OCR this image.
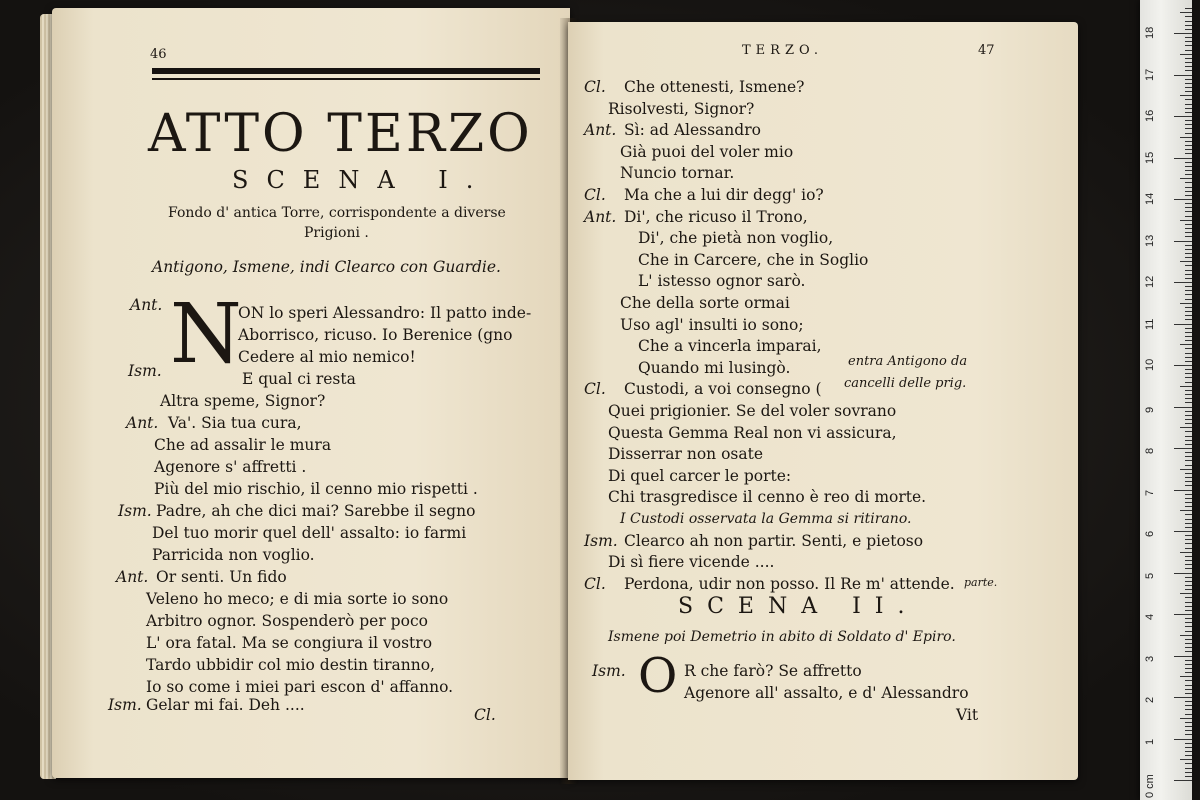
46
ATTO TERZO
SCENA I.
Fondo d' antica Torre, corrispondente a diverse
Prigioni .
Antigono, Ismene, indi Clearco con Guardie.
Ant. N
ON lo speri Alessandro: Il patto inde-
Aborrisco, ricuso. Io Berenice (gno
Cedere al mio nemico!
Ism.	E qual ci resta
Altra speme, Signor?
Ant. Va'. Sia tua cura,
Che ad assalir le mura
Agenore s' affretti .
Più del mio rischio, il cenno mio rispetti .
Ism. Padre, ah che dici mai? Sarebbe il segno
Del tuo morir quel dell' assalto: io farmi
Parricida non voglio.
Ant. Or senti. Un fido
Veleno ho meco; e di mia sorte io sono
Arbitro ognor. Sospenderò per poco
L' ora fatal. Ma se congiura il vostro
Tardo ubbidir col mio destin tiranno,
Io so come i miei pari escon d' affanno.
Ism. Gelar mi fai. Deh ....
Cl.
TERZO.	47
Cl. Che ottenesti, Ismene?
Risolvesti, Signor?
Ant. Sì: ad Alessandro
Già puoi del voler mio
Nuncio tornar.
Cl. Ma che a lui dir degg' io?
Ant. Di', che ricuso il Trono,
Di', che pietà non voglio,
Che in Carcere, che in Soglio
L' istesso ognor sarò.
Che della sorte ormai
Uso agl' insulti io sono;
Che a vincerla imparai,
Quando mi lusingò.
Cl. Custodi, a voi consegno (
Quei prigionier. Se del voler sovrano
Questa Gemma Real non vi assicura,
Disserrar non osate
Di quel carcer le porte:
Chi trasgredisce il cenno è reo di morte.
I Custodi osservata la Gemma si ritirano.
Ism. Clearco ah non partir. Senti, e pietoso
Di sì fiere vicende ....
Cl. Perdona, udir non posso. Il Re m' attende.
entra Antigono da
cancelli delle prig.
parte.
SCENA II.
Ismene poi Demetrio in abito di Soldato d' Epiro.
Ism. O R che farò? Se affretto
Agenore all' assalto, e d' Alessandro
Vit
0 cm
1
2
3
4
5
6
7
8
9
10
11
12
13
14
15
16
17
18
